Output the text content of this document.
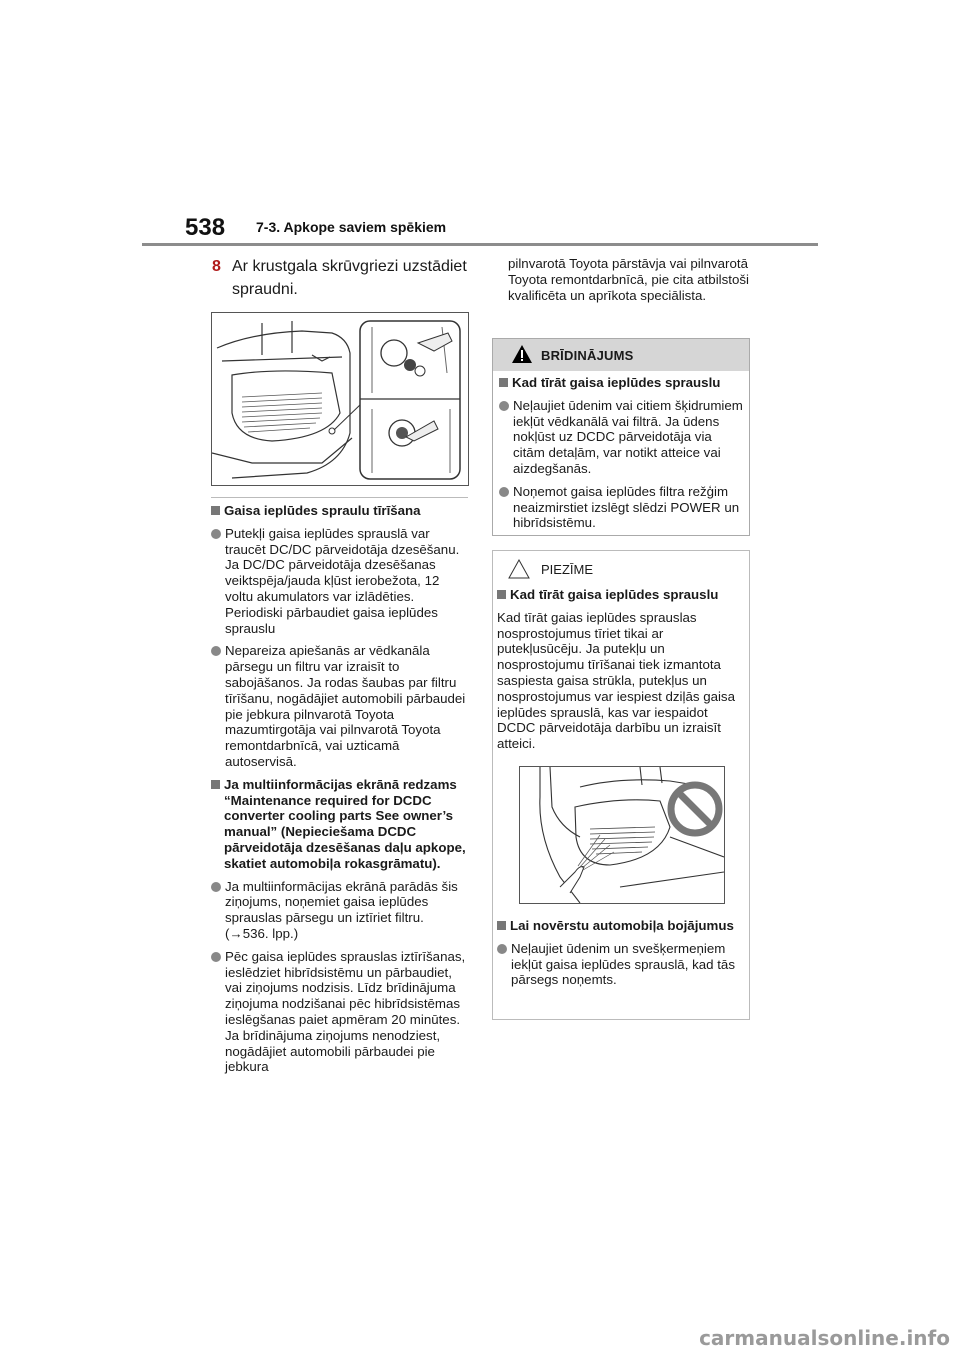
538 7-3. Apkope saviem spēkiem
8 Ar krustgala skrūvgriezi uzstādiet spraudni.
Gaisa ieplūdes spraulu tīrīšana
Putekļi gaisa ieplūdes sprauslā var traucēt DC/DC pārveidotāja dzesēšanu. Ja DC/DC pārveidotāja dzesēšanas veiktspēja/jauda kļūst ierobežota, 12 voltu akumulators var izlādēties. Periodiski pārbaudiet gaisa ieplūdes sprauslu
Nepareiza apiešanās ar vēdkanāla pārsegu un filtru var izraisīt to sabojāšanos. Ja rodas šaubas par filtru tīrīšanu, nogādājiet automobili pārbaudei pie jebkura pilnvarotā Toyota mazumtirgotāja vai pilnvarotā Toyota remontdarbnīcā, vai uzticamā autoservisā.
Ja multiinformācijas ekrānā redzams “Maintenance required for DCDC converter cooling parts See owner’s manual” (Nepieciešama DCDC pārveidotāja dzesēšanas daļu apkope, skatiet automobiļa rokasgrāmatu).
Ja multiinformācijas ekrānā parādās šis ziņojums, noņemiet gaisa ieplūdes sprauslas pārsegu un iztīriet filtru. (→536. lpp.)
Pēc gaisa ieplūdes sprauslas iztīrīšanas, ieslēdziet hibrīdsistēmu un pārbaudiet, vai ziņojums nodzisis. Līdz brīdinājuma ziņojuma nodzišanai pēc hibrīdsistēmas ieslēgšanas paiet apmēram 20 minūtes. Ja brīdinājuma ziņojums nenodziest, nogādājiet automobili pārbaudei pie jebkura
pilnvarotā Toyota pārstāvja vai pilnvarotā Toyota remontdarbnīcā, pie cita atbilstoši kvalificēta un aprīkota speciālista.
BRĪDINĀJUMS
Kad tīrāt gaisa ieplūdes sprauslu
Neļaujiet ūdenim vai citiem šķidrumiem iekļūt vēdkanālā vai filtrā. Ja ūdens nokļūst uz DCDC pārveidotāja via citām detaļām, var notikt atteice vai aizdegšanās.
Noņemot gaisa ieplūdes filtra režģim neaizmirstiet izslēgt slēdzi POWER un hibrīdsistēmu.
PIEZĪME
Kad tīrāt gaisa ieplūdes sprauslu
Kad tīrāt gaias ieplūdes sprauslas nosprostojumus tīriet tikai ar putekļusūcēju. Ja putekļu un nosprostojumu tīrīšanai tiek izmantota saspiesta gaisa strūkla, putekļus un nosprostojumus var iespiest dziļās gaisa ieplūdes sprauslā, kas var iespaidot DCDC pārveidotāja darbību un izraisīt atteici.
Lai novērstu automobiļa bojājumus
Neļaujiet ūdenim un svešķermeņiem iekļūt gaisa ieplūdes sprauslā, kad tās pārsegs noņemts.
carmanualsonline.info
